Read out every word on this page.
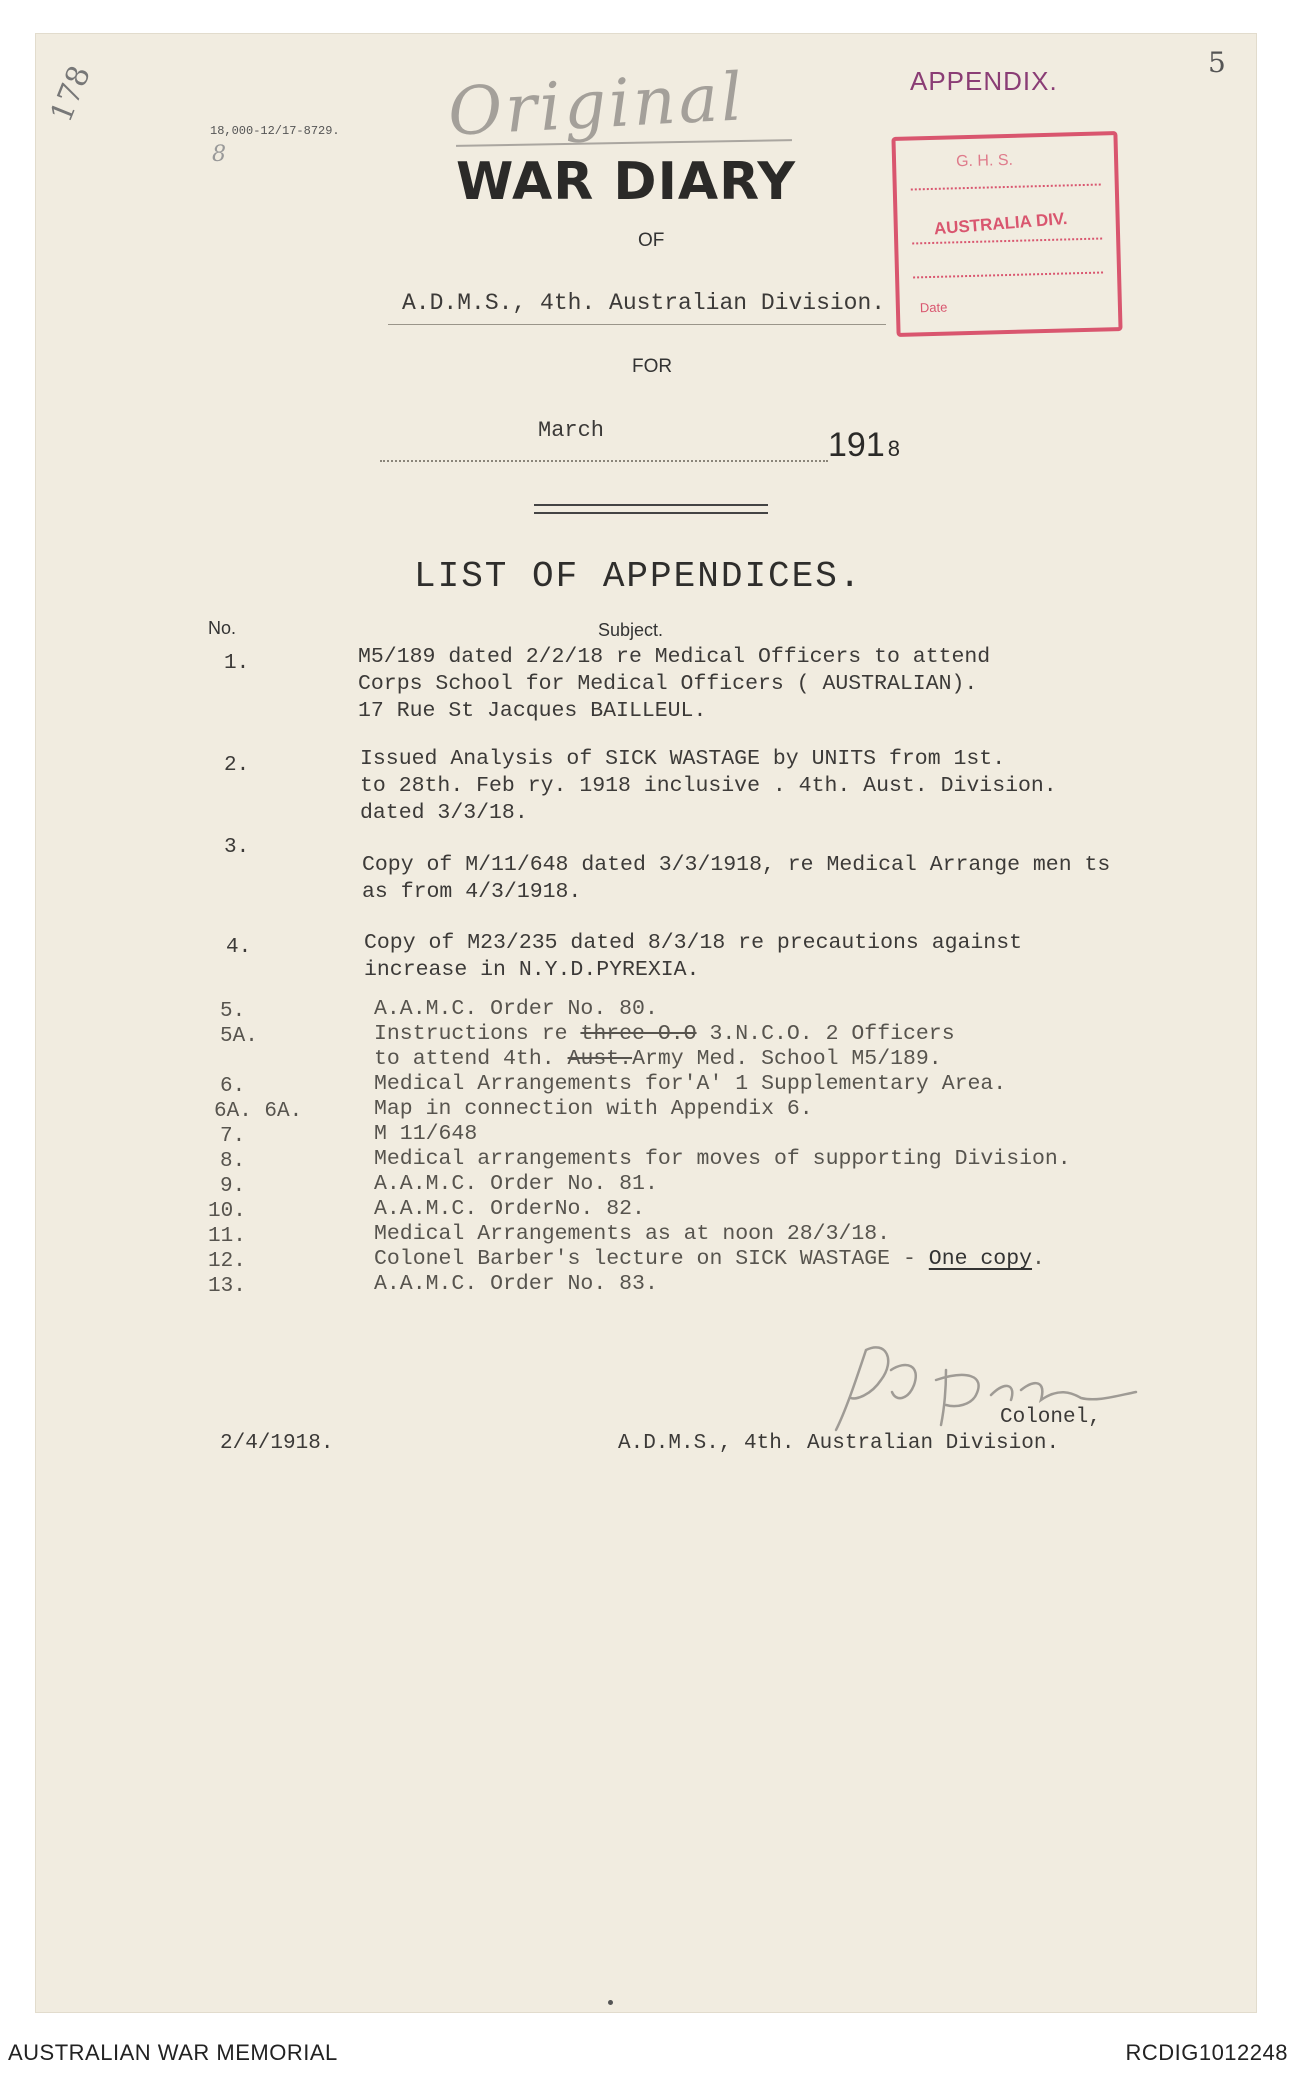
178	5
18,000-12/17-8729.
8
Original	APPENDIX.
G. H. S.
AUSTRALIA DIV.
Date
WAR DIARY
OF
A.D.M.S., 4th. Australian Division.
FOR
March	191 8
LIST OF APPENDICES.
No.	Subject.
1.	M5/189 dated 2/2/18 re Medical Officers to attend
Corps School for Medical Officers ( AUSTRALIAN).
17 Rue St Jacques BAILLEUL.
2.	Issued Analysis of SICK WASTAGE by UNITS from 1st.
to 28th. Feb ry. 1918 inclusive . 4th. Aust. Division.
dated 3/3/18.
3.
Copy of M/11/648 dated 3/3/1918, re Medical Arrange men ts
as from 4/3/1918.
4.	Copy of M23/235 dated 8/3/18 re precautions against
increase in N.Y.D.PYREXIA.
5.	A.A.M.C. Order No. 80.
5A.	Instructions re three O.O 3.N.C.O. 2 Officers
to attend 4th. Aust.Army Med. School M5/189.
6.	Medical Arrangements for'A' 1 Supplementary Area.
6A. 6A.	Map in connection with Appendix 6.
7.	M 11/648
8.	Medical arrangements for moves of supporting Division.
9.	A.A.M.C. Order No. 81.
10.	A.A.M.C. OrderNo. 82.
11.	Medical Arrangements as at noon 28/3/18.
12.	Colonel Barber's lecture on SICK WASTAGE - One copy.
13.	A.A.M.C. Order No. 83.
Colonel,
A.D.M.S., 4th. Australian Division.
2/4/1918.
AUSTRALIAN WAR MEMORIAL	RCDIG1012248
